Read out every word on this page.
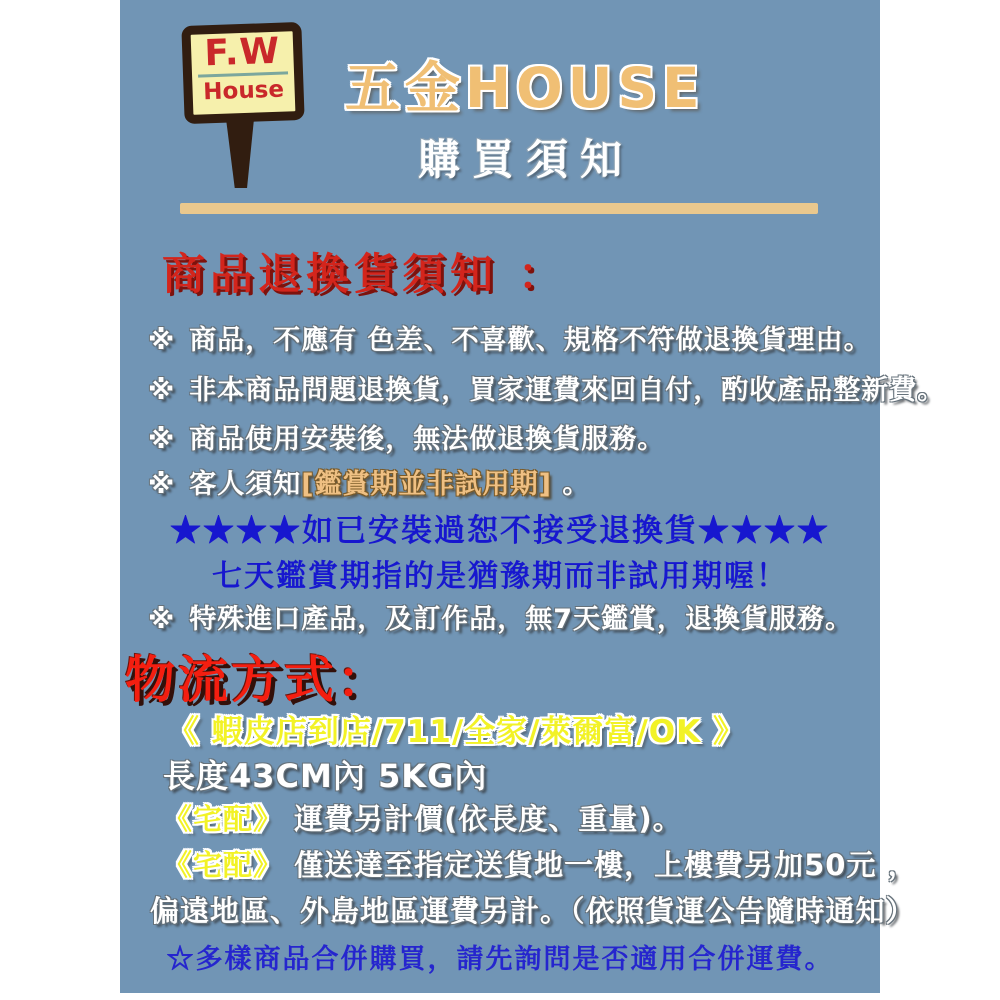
F.W
House 五金HOUSE
購買須知
商品退換貨須知 ：
※ 商品，不應有 色差、不喜歡、規格不符做退換貨理由。
※ 非本商品問題退換貨，買家運費來回自付，酌收產品整新費。
※ 商品使用安裝後，無法做退換貨服務。
※ 客人須知[鑑賞期並非試用期] 。
★★★★如已安裝過恕不接受退換貨★★★★
七天鑑賞期指的是猶豫期而非試用期喔！
※ 特殊進口產品，及訂作品，無7天鑑賞，退換貨服務。
物流方式：
《 蝦皮店到店/711/全家/萊爾富/OK 》
長度43CM內 5KG內
《宅配》 運費另計價(依長度、重量)。
《宅配》 僅送達至指定送貨地一樓，上樓費另加50元 ，
偏遠地區、外島地區運費另計。（依照貨運公告隨時通知）
☆多樣商品合併購買，請先詢問是否適用合併運費。
